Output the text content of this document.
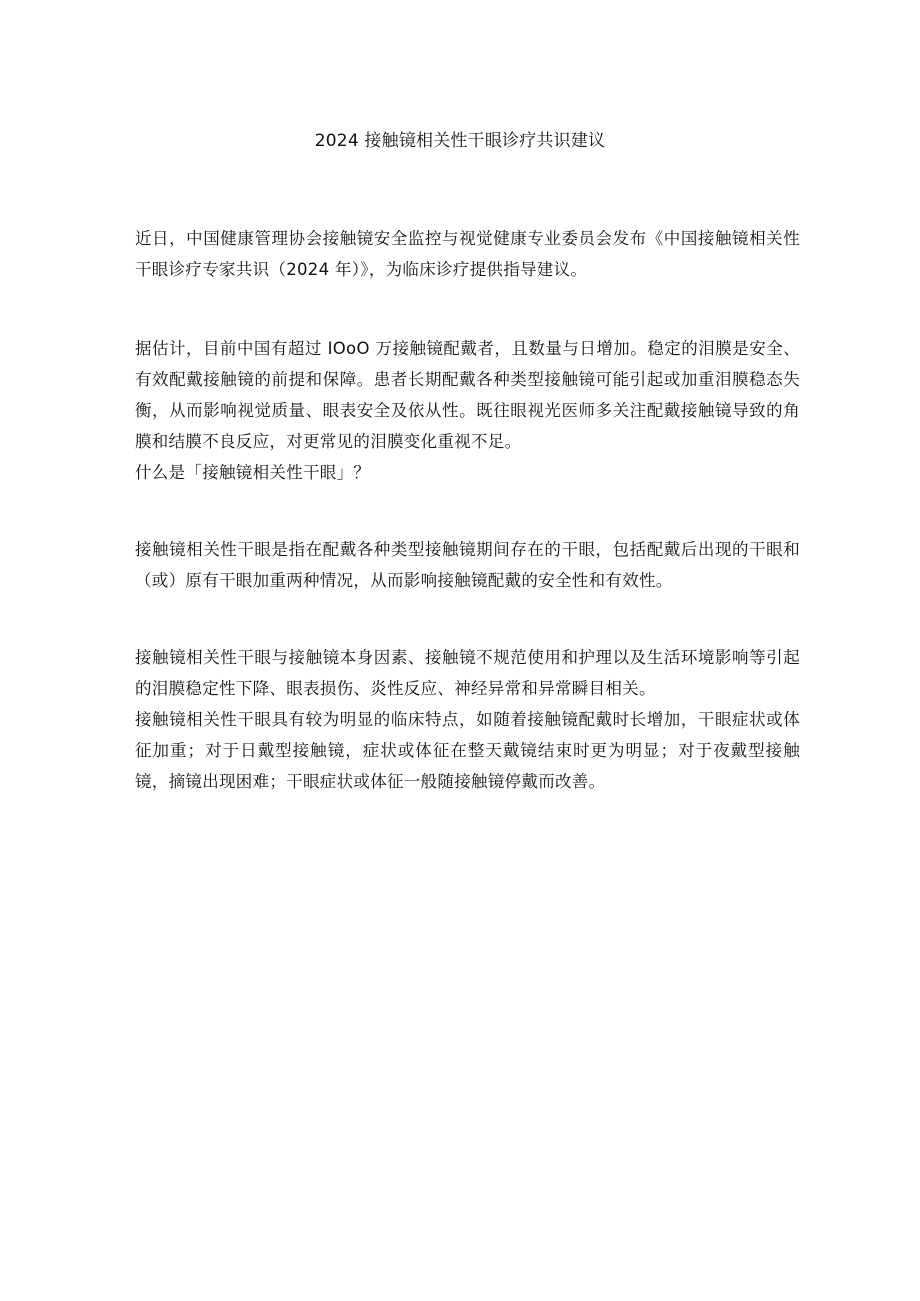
2024 接触镜相关性干眼诊疗共识建议

近日，中国健康管理协会接触镜安全监控与视觉健康专业委员会发布《中国接触镜相关性干眼诊疗专家共识（2024 年）》，为临床诊疗提供指导建议。

据估计，目前中国有超过 IOoO 万接触镜配戴者，且数量与日增加。稳定的泪膜是安全、有效配戴接触镜的前提和保障。患者长期配戴各种类型接触镜可能引起或加重泪膜稳态失衡，从而影响视觉质量、眼表安全及依从性。既往眼视光医师多关注配戴接触镜导致的角膜和结膜不良反应，对更常见的泪膜变化重视不足。

什么是「接触镜相关性干眼」？

接触镜相关性干眼是指在配戴各种类型接触镜期间存在的干眼，包括配戴后出现的干眼和（或）原有干眼加重两种情况，从而影响接触镜配戴的安全性和有效性。

接触镜相关性干眼与接触镜本身因素、接触镜不规范使用和护理以及生活环境影响等引起的泪膜稳定性下降、眼表损伤、炎性反应、神经异常和异常瞬目相关。

接触镜相关性干眼具有较为明显的临床特点，如随着接触镜配戴时长增加，干眼症状或体征加重；对于日戴型接触镜，症状或体征在整天戴镜结束时更为明显；对于夜戴型接触镜，摘镜出现困难；干眼症状或体征一般随接触镜停戴而改善。
